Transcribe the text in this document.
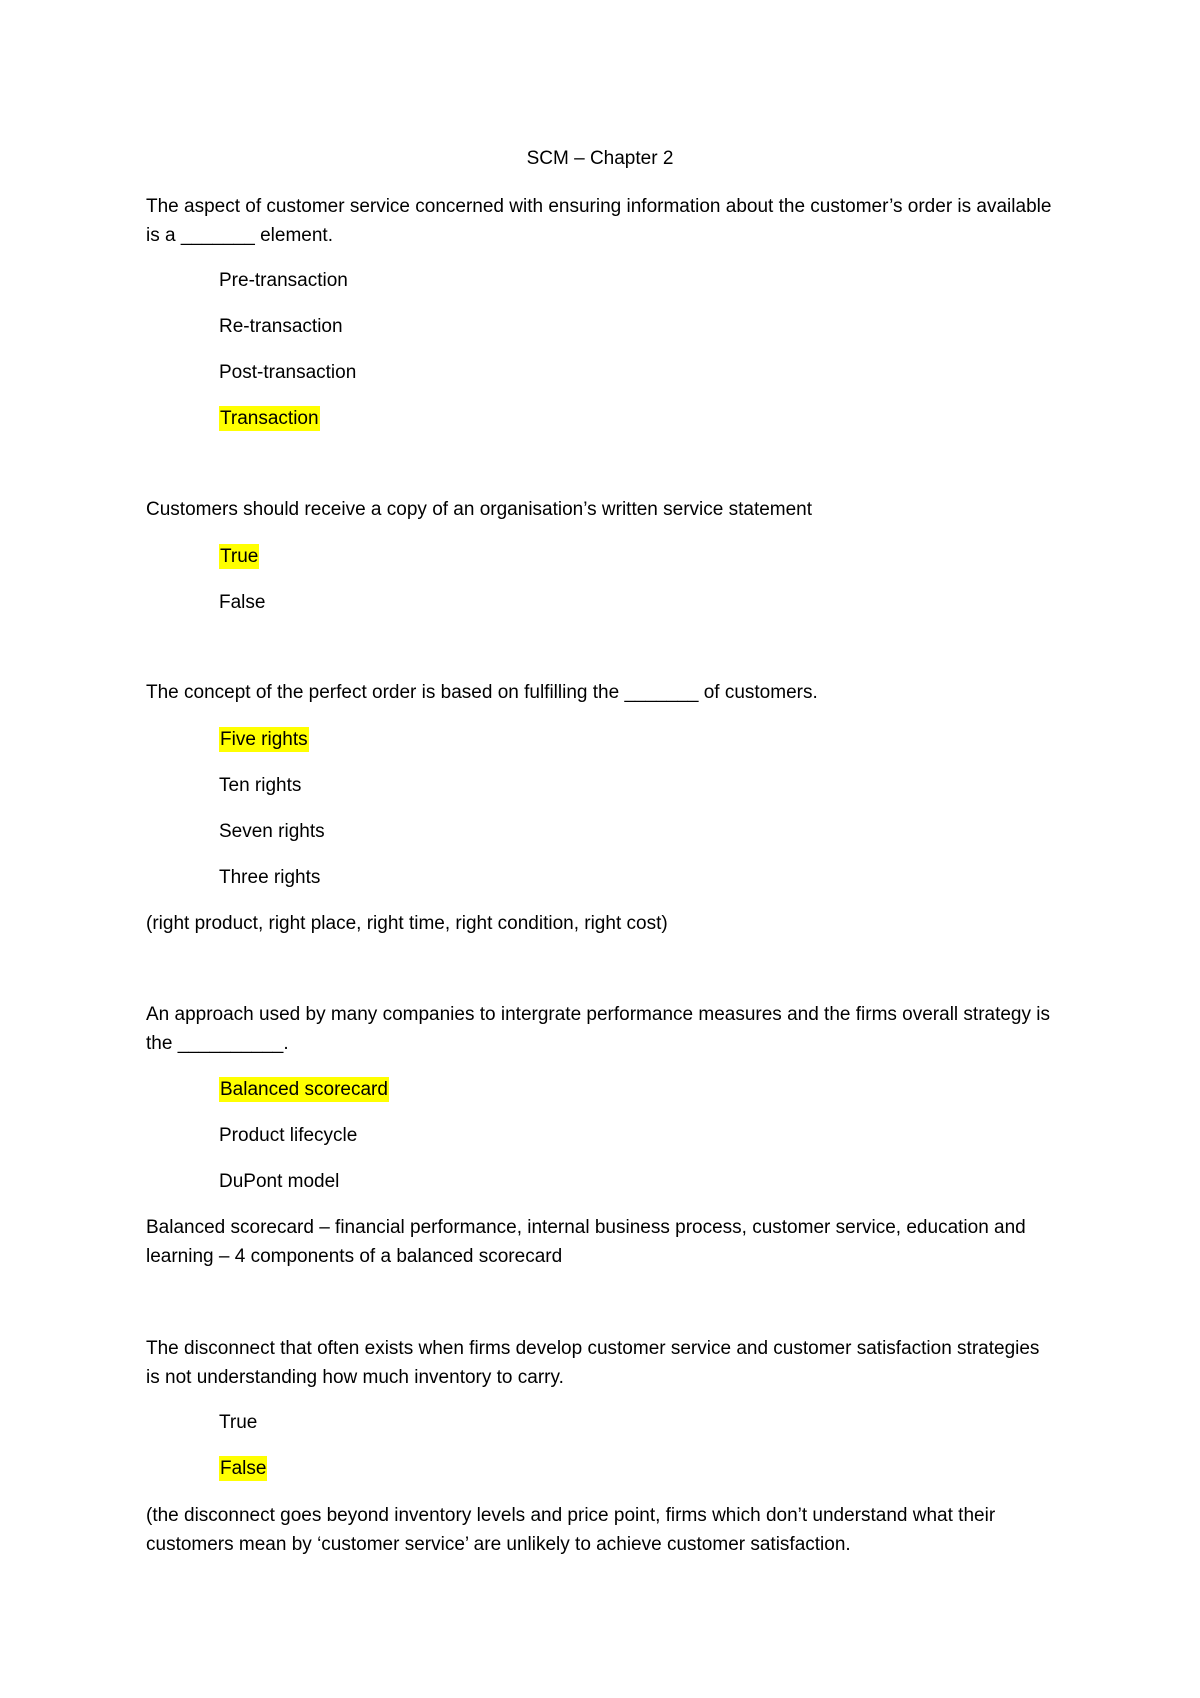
SCM – Chapter 2
The aspect of customer service concerned with ensuring information about the customer’s order is available is a _______ element.
Pre-transaction
Re-transaction
Post-transaction
Transaction
Customers should receive a copy of an organisation’s written service statement
True
False
The concept of the perfect order is based on fulfilling the _______ of customers.
Five rights
Ten rights
Seven rights
Three rights
(right product, right place, right time, right condition, right cost)
An approach used by many companies to intergrate performance measures and the firms overall strategy is the __________.
Balanced scorecard
Product lifecycle
DuPont model
Balanced scorecard – financial performance, internal business process, customer service, education and learning – 4 components of a balanced scorecard
The disconnect that often exists when firms develop customer service and customer satisfaction strategies is not understanding how much inventory to carry.
True
False
(the disconnect goes beyond inventory levels and price point, firms which don’t understand what their customers mean by ‘customer service’ are unlikely to achieve customer satisfaction.
